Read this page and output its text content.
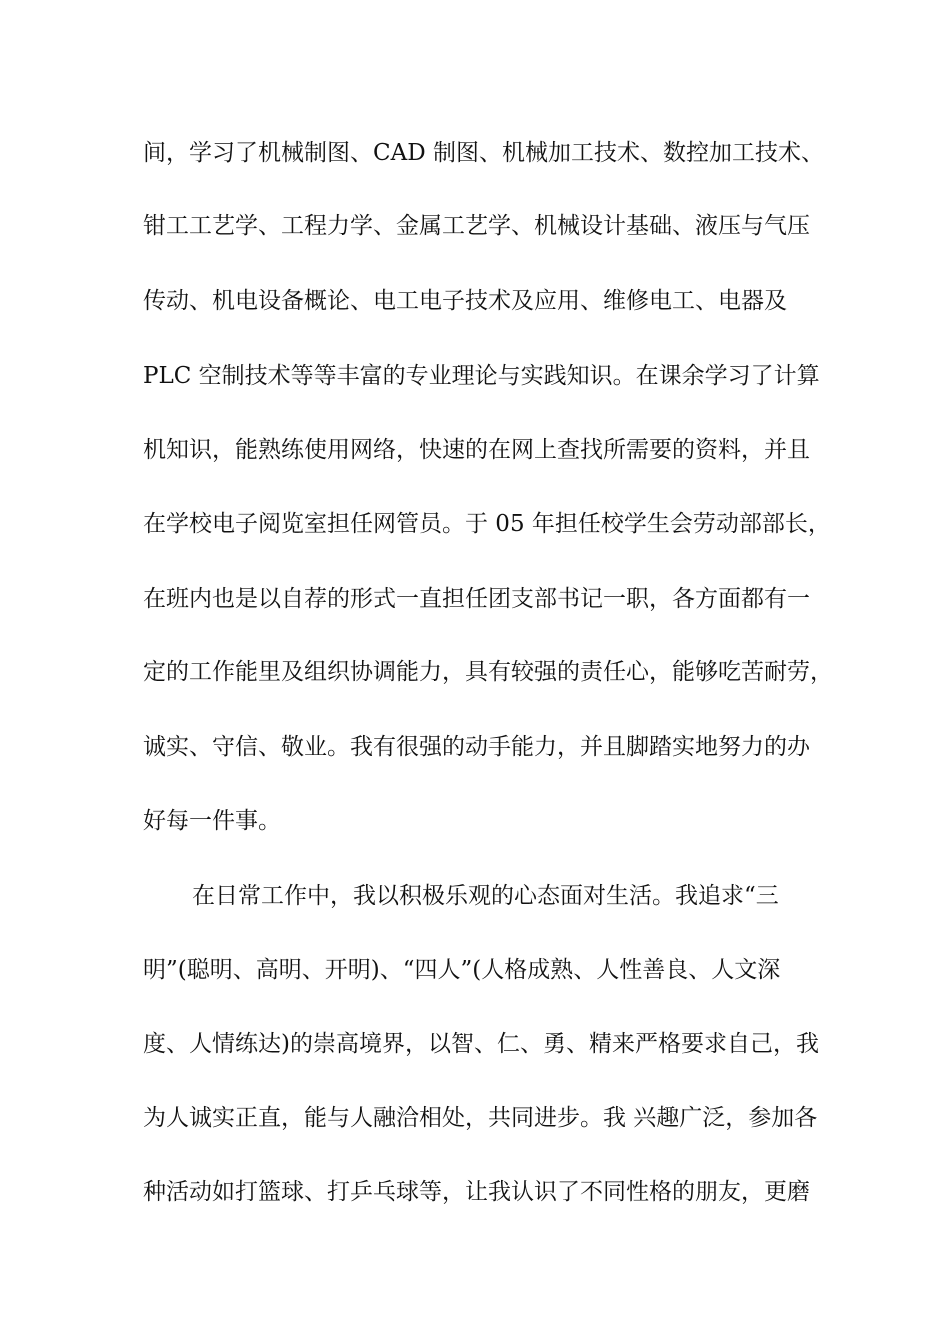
间，学习了机械制图、CAD 制图、机械加工技术、数控加工技术、
钳工工艺学、工程力学、金属工艺学、机械设计基础、液压与气压
传动、机电设备概论、电工电子技术及应用、维修电工、电器及
PLC 空制技术等等丰富的专业理论与实践知识。在课余学习了计算
机知识，能熟练使用网络，快速的在网上查找所需要的资料，并且
在学校电子阅览室担任网管员。于 05 年担任校学生会劳动部部长，
在班内也是以自荐的形式一直担任团支部书记一职，各方面都有一
定的工作能里及组织协调能力，具有较强的责任心，能够吃苦耐劳，
诚实、守信、敬业。我有很强的动手能力，并且脚踏实地努力的办
好每一件事。
在日常工作中，我以积极乐观的心态面对生活。我追求“三
明”(聪明、高明、开明)、“四人”(人格成熟、人性善良、人文深
度、人情练达)的崇高境界，以智、仁、勇、精来严格要求自己，我
为人诚实正直，能与人融洽相处，共同进步。我 兴趣广泛，参加各
种活动如打篮球、打乒乓球等，让我认识了不同性格的朋友，更磨
